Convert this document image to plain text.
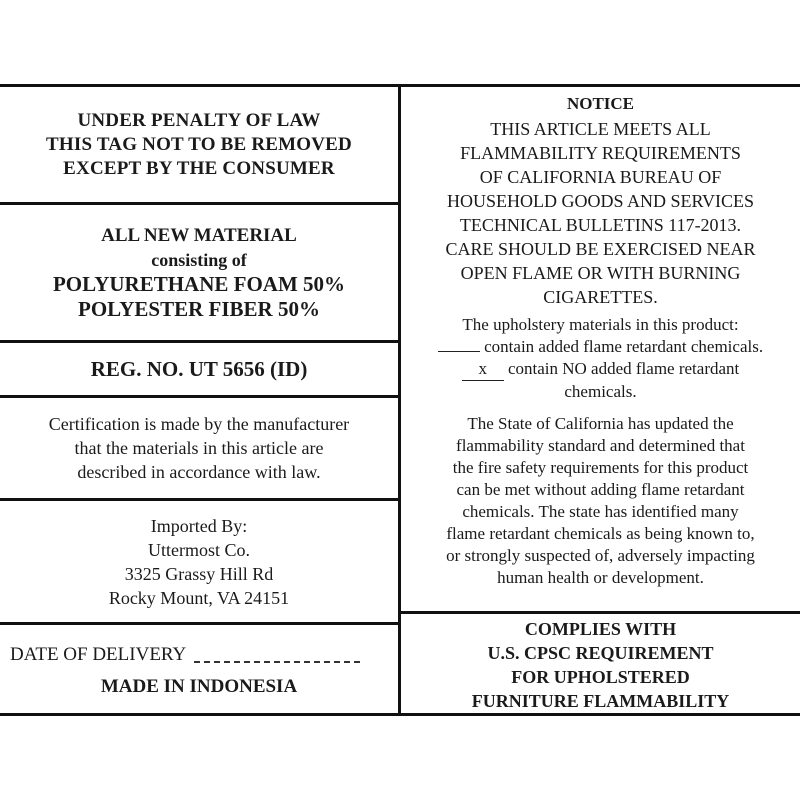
UNDER PENALTY OF LAW
THIS TAG NOT TO BE REMOVED
EXCEPT BY THE CONSUMER
ALL NEW MATERIAL
consisting of
POLYURETHANE FOAM 50%
POLYESTER FIBER 50%
REG. NO. UT 5656 (ID)
Certification is made by the manufacturer
that the materials in this article are
described in accordance with law.
Imported By:
Uttermost Co.
3325 Grassy Hill Rd
Rocky Mount, VA 24151
DATE OF DELIVERY
MADE IN INDONESIA
NOTICE
THIS ARTICLE MEETS ALL
FLAMMABILITY REQUIREMENTS
OF CALIFORNIA BUREAU OF
HOUSEHOLD GOODS AND SERVICES
TECHNICAL BULLETINS 117-2013.
CARE SHOULD BE EXERCISED NEAR
OPEN FLAME OR WITH BURNING
CIGARETTES.
The upholstery materials in this product:
contain added flame retardant chemicals.
x contain NO added flame retardant
chemicals.
The State of California has updated the
flammability standard and determined that
the fire safety requirements for this product
can be met without adding flame retardant
chemicals. The state has identified many
flame retardant chemicals as being known to,
or strongly suspected of, adversely impacting
human health or development.
COMPLIES WITH
U.S. CPSC REQUIREMENT
FOR UPHOLSTERED
FURNITURE FLAMMABILITY
